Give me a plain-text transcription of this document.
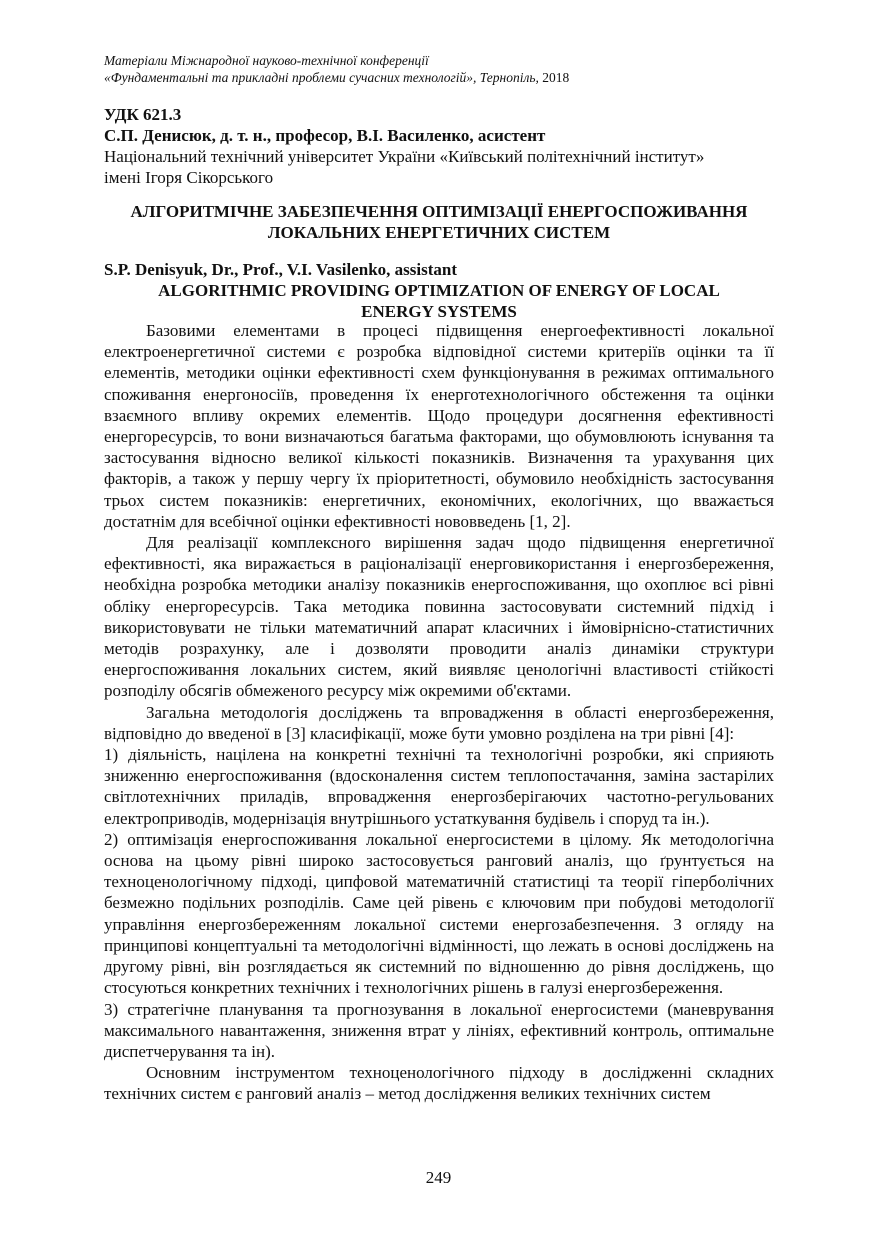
Матеріали Міжнародної науково-технічної конференції
«Фундаментальні та прикладні проблеми сучасних технологій», Тернопіль, 2018
УДК 621.3
С.П. Денисюк, д. т. н., професор, В.І. Василенко, асистент
Національний технічний університет України «Київський політехнічний інститут»
імені Ігоря Сікорського
АЛГОРИТМІЧНЕ ЗАБЕЗПЕЧЕННЯ ОПТИМІЗАЦІЇ ЕНЕРГОСПОЖИВАННЯ
ЛОКАЛЬНИХ ЕНЕРГЕТИЧНИХ СИСТЕМ
S.P. Denisyuk, Dr., Prof., V.I. Vasilenko, assistant
ALGORITHMIC PROVIDING OPTIMIZATION OF ENERGY OF LOCAL
ENERGY SYSTEMS

Базовими елементами в процесі підвищення енергоефективності локальної електроенергетичної системи є розробка відповідної системи критеріїв оцінки та її елементів, методики оцінки ефективності схем функціонування в режимах оптимального споживання енергоносіїв, проведення їх енерготехнологічного обстеження та оцінки взаємного впливу окремих елементів. Щодо процедури досягнення ефективності енергоресурсів, то вони визначаються багатьма факторами, що обумовлюють існування та застосування відносно великої кількості показників. Визначення та урахування цих факторів, а також у першу чергу їх пріоритетності, обумовило необхідність застосування трьох систем показників: енергетичних, економічних, екологічних, що вважається достатнім для всебічної оцінки ефективності нововведень [1, 2].

Для реалізації комплексного вирішення задач щодо підвищення енергетичної ефективності, яка виражається в раціоналізації енерговикористання і енергозбереження, необхідна розробка методики аналізу показників енергоспоживання, що охоплює всі рівні обліку енергоресурсів. Така методика повинна застосовувати системний підхід і використовувати не тільки математичний апарат класичних і ймовірнісно-статистичних методів розрахунку, але і дозволяти проводити аналіз динаміки структури енергоспоживання локальних систем, який виявляє ценологічні властивості стійкості розподілу обсягів обмеженого ресурсу між окремими об'єктами.

Загальна методологія досліджень та впровадження в області енергозбереження, відповідно до введеної в [3] класифікації, може бути умовно розділена на три рівні [4]:

1) діяльність, націлена на конкретні технічні та технологічні розробки, які сприяють зниженню енергоспоживання (вдосконалення систем теплопостачання, заміна застарілих світлотехнічних приладів, впровадження енергозберігаючих частотно-регульованих електроприводів, модернізація внутрішнього устаткування будівель і споруд та ін.).

2) оптимізація енергоспоживання локальної енергосистеми в цілому. Як методологічна основа на цьому рівні широко застосовується ранговий аналіз, що ґрунтується на техноценологічному підході, ципфовой математичній статистиці та теорії гіперболічних безмежно подільних розподілів. Саме цей рівень є ключовим при побудові методології управління енергозбереженням локальної системи енергозабезпечення. З огляду на принципові концептуальні та методологічні відмінності, що лежать в основі досліджень на другому рівні, він розглядається як системний по відношенню до рівня досліджень, що стосуються конкретних технічних і технологічних рішень в галузі енергозбереження.

3) стратегічне планування та прогнозування в локальної енергосистеми (маневрування максимального навантаження, зниження втрат у лініях, ефективний контроль, оптимальне диспетчерування та ін).

Основним інструментом техноценологічного підходу в дослідженні складних технічних систем є ранговий аналіз – метод дослідження великих технічних систем

249
